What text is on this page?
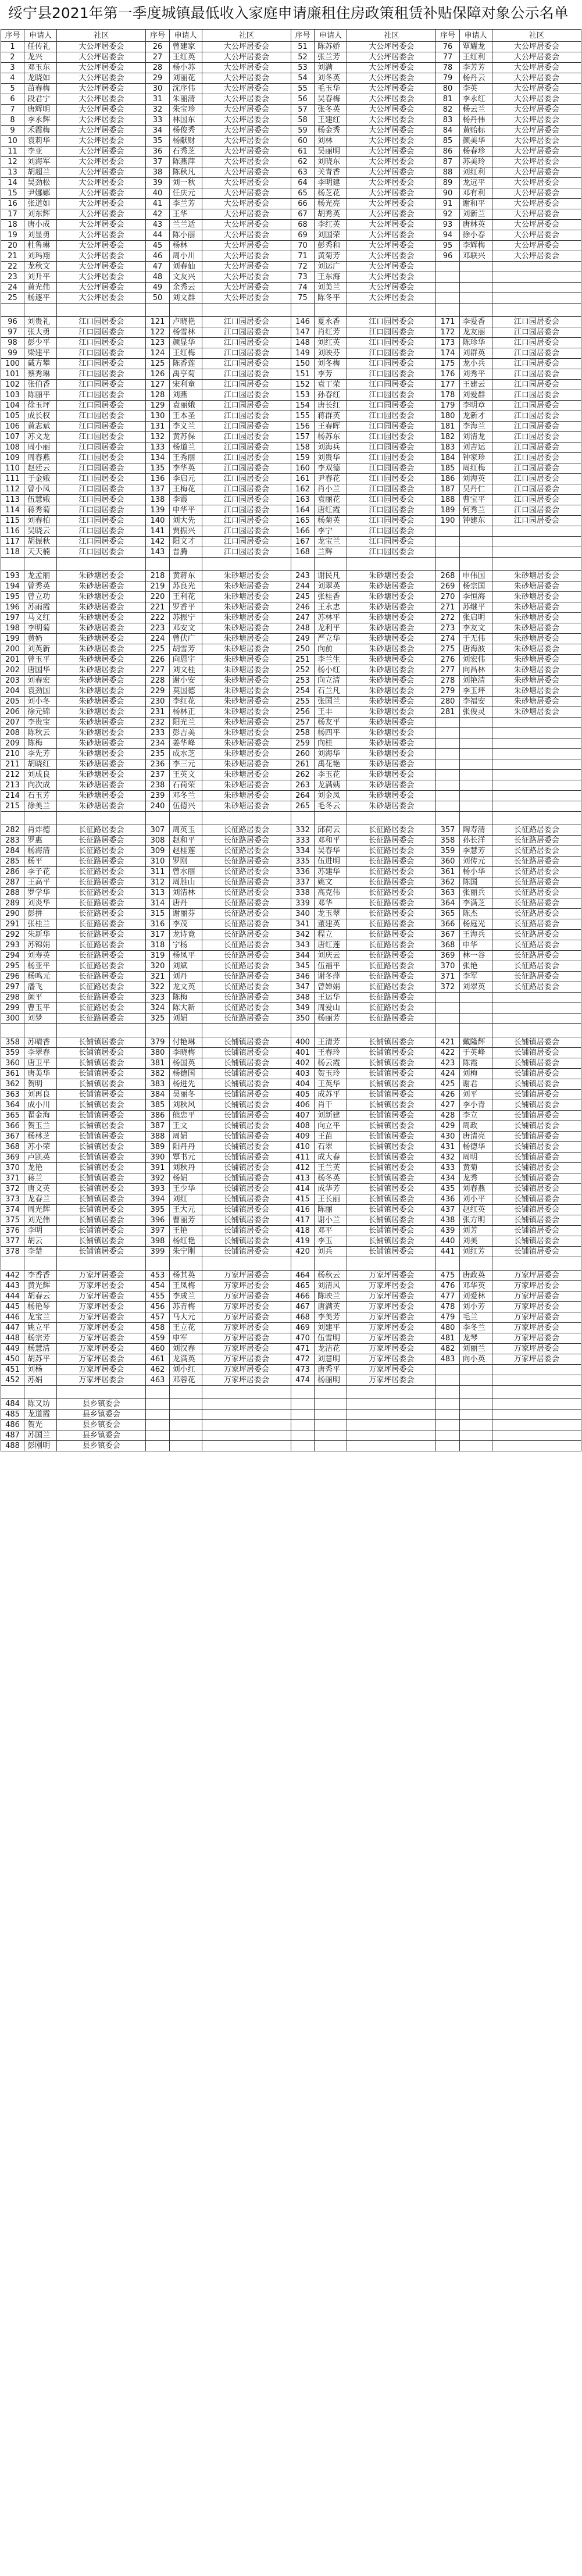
绥宁县2021年第一季度城镇最低收入家庭申请廉租住房政策租赁补贴保障对象公示名单
序号	申请人	社区	序号	申请人	社区	序号	申请人	社区	序号	申请人	社区
1	任传礼	大公坪居委会	26	曾建家	大公坪居委会	51	陈苏娇	大公坪居委会	76	覃耀龙	大公坪居委会
2	龙兴	大公坪居委会	27	王红英	大公坪居委会	52	张兰芳	大公坪居委会	77	王红利	大公坪居委会
3	邓玉东	大公坪居委会	28	杨小苏	大公坪居委会	53	刘满	大公坪居委会	78	李芳芳	大公坪居委会
4	龙晓如	大公坪居委会	29	刘丽花	大公坪居委会	54	刘冬英	大公坪居委会	79	杨丹云	大公坪居委会
5	苗春梅	大公坪居委会	30	沈序伟	大公坪居委会	55	毛玉华	大公坪居委会	80	李英	大公坪居委会
6	段君宁	大公坪居委会	31	朱丽清	大公坪居委会	56	吴春梅	大公坪居委会	81	李永红	大公坪居委会
7	唐辉明	大公坪居委会	32	朱宝珍	大公坪居委会	57	张冬英	大公坪居委会	82	杨云兰	大公坪居委会
8	李永辉	大公坪居委会	33	林国东	大公坪居委会	58	王建红	大公坪居委会	83	杨丹伟	大公坪居委会
9	禾霞梅	大公坪居委会	34	杨俊秀	大公坪居委会	59	杨金秀	大公坪居委会	84	黄贻标	大公坪居委会
10	袁莉华	大公坪居委会	35	杨献财	大公坪居委会	60	刘林	大公坪居委会	85	颜美华	大公坪居委会
11	李亚	大公坪居委会	36	石秀芝	大公坪居委会	61	吴丽明	大公坪居委会	86	杨春珍	大公坪居委会
12	刘海军	大公坪居委会	37	陈燕萍	大公坪居委会	62	刘晓东	大公坪居委会	87	苏美玲	大公坪居委会
13	胡超兰	大公坪居委会	38	陈秋凡	大公坪居委会	63	关青香	大公坪居委会	88	刘红利	大公坪居委会
14	吴劲松	大公坪居委会	39	刘一秋	大公坪居委会	64	李明建	大公坪居委会	89	龙远平	大公坪居委会
15	尹娜娜	大公坪居委会	40	任庆元	大公坪居委会	65	杨芝花	大公坪居委会	90	邓有利	大公坪居委会
16	张道如	大公坪居委会	41	李兰芳	大公坪居委会	66	杨光亮	大公坪居委会	91	谢和平	大公坪居委会
17	刘东辉	大公坪居委会	42	王华	大公坪居委会	67	胡秀英	大公坪居委会	92	刘新兰	大公坪居委会
18	唐小成	大公坪居委会	43	兰兰适	大公坪居委会	68	李红英	大公坪居委会	93	唐林英	大公坪居委会
19	刘显勇	大公坪居委会	44	陈小丽	大公坪居委会	69	刘国荣	大公坪居委会	94	徐小春	大公坪居委会
20	杜鲁琳	大公坪居委会	45	杨林	大公坪居委会	70	彭秀和	大公坪居委会	95	李辉梅	大公坪居委会
21	刘玛翔	大公坪居委会	46	周小川	大公坪居委会	71	黄菊芳	大公坪居委会	96	邓联兴	大公坪居委会
22	龙秋文	大公坪居委会	47	刘春仙	大公坪居委会	72	刘运广	大公坪居委会			
23	刘升平	大公坪居委会	48	文友兴	大公坪居委会	73	王东海	大公坪居委会			
24	黄光伟	大公坪居委会	49	余秀云	大公坪居委会	74	刘美兰	大公坪居委会			
25	杨逐平	大公坪居委会	50	刘文群	大公坪居委会	75	陈冬平	大公坪居委会			

96	刘贵礼	江口园居委会	121	卢晓艳	江口园居委会	146	夏永香	江口园居委会	171	李爱香	江口园居委会
97	张大勇	江口园居委会	122	杨雪林	江口园居委会	147	肖红芳	江口园居委会	172	龙友丽	江口园居委会
98	彭少平	江口园居委会	123	颜显华	江口园居委会	148	刘红英	江口园居委会	173	陈珍华	江口园居委会
99	梁建平	江口园居委会	124	王红梅	江口园居委会	149	刘映芬	江口园居委会	174	刘群英	江口园居委会
100	戴方攀	江口园居委会	125	陈香莲	江口园居委会	150	刘冬梅	江口园居委会	175	龙小兵	江口园居委会
101	蔡秀琳	江口园居委会	126	禹亨菊	江口园居委会	151	李芳	江口园居委会	176	刘秀平	江口园居委会
102	张伯香	江口园居委会	127	宋利童	江口园居委会	152	袁丁荣	江口园居委会	177	王建云	江口园居委会
103	陈丽平	江口园居委会	128	刘燕	江口园居委会	153	孙春红	江口园居委会	178	刘爱群	江口园居委会
104	徐玉坪	江口园居委会	129	袁丽娥	江口园居委会	154	唐长红	江口园居委会	179	李明章	江口园居委会
105	成长权	江口园居委会	130	王本圣	江口园居委会	155	蒋群英	江口园居委会	180	龙新才	江口园居委会
106	黄志斌	江口园居委会	131	李义兰	江口园居委会	156	王春晖	江口园居委会	181	李海兰	江口园居委会
107	苏文龙	江口园居委会	132	黄苏保	江口园居委会	157	杨苏东	江口园居委会	182	刘清龙	江口园居委会
108	周小丽	江口园居委会	133	杨道兰	江口园居委会	158	刘海兵	江口园居委会	183	刘吉运	江口园居委会
109	周春燕	江口园居委会	134	王秀丽	江口园居委会	159	刘贵华	江口园居委会	184	钟家珍	江口园居委会
110	赵廷云	江口园居委会	135	李华英	江口园居委会	160	李双德	江口园居委会	185	周红梅	江口园居委会
111	于金娥	江口园居委会	136	李启元	江口园居委会	161	尹春花	江口园居委会	186	刘海英	江口园居委会
112	曾小凤	江口园居委会	137	王梅花	江口园居委会	162	肖小兰	江口园居委会	187	吴丹仁	江口园居委会
113	伍慧娥	江口园居委会	138	李霞	江口园居委会	163	袁丽花	江口园居委会	188	曹宝平	江口园居委会
114	蒋秀菊	江口园居委会	139	申华平	江口园居委会	164	唐红霞	江口园居委会	189	何秀兰	江口园居委会
115	刘春柏	江口园居委会	140	刘大先	江口园居委会	165	杨菊英	江口园居委会	190	钟建东	江口园居委会
116	吴晓云	江口园居委会	141	贾振兴	江口园居委会	166	李宁	江口园居委会			
117	胡振秋	江口园居委会	142	阳文才	江口园居委会	167	龙宝兰	江口园居委会			
118	天天楠	江口园居委会	143	普腾	江口园居委会	168	兰辉	江口园居委会			

193	龙孟丽	朱砂塘居委会	218	黄蒋东	朱砂塘居委会	243	谢民凡	朱砂塘居委会	268	申伟国	朱砂塘居委会
194	曾秀英	朱砂塘居委会	219	苏良光	朱砂塘居委会	244	刘翠英	朱砂塘居委会	269	杨宗国	朱砂塘居委会
195	曾立功	朱砂塘居委会	220	王利花	朱砂塘居委会	245	张桂香	朱砂塘居委会	270	李恒海	朱砂塘居委会
196	苏雨霞	朱砂塘居委会	221	罗香平	朱砂塘居委会	246	王永忠	朱砂塘居委会	271	苏继平	朱砂塘居委会
197	马文红	朱砂塘居委会	222	苏振宁	朱砂塘居委会	247	苏林平	朱砂塘居委会	272	张启明	朱砂塘居委会
198	李明菊	朱砂塘居委会	223	邓安文	朱砂塘居委会	248	龙利平	朱砂塘居委会	273	李友文	朱砂塘居委会
199	黄奶	朱砂塘居委会	224	曾伏广	朱砂塘居委会	249	严立华	朱砂塘居委会	274	于无伟	朱砂塘居委会
200	刘英新	朱砂塘居委会	225	胡雪芳	朱砂塘居委会	250	向前	朱砂塘居委会	275	唐海波	朱砂塘居委会
201	曾玉平	朱砂塘居委会	226	向恩宇	朱砂塘居委会	251	李兰生	朱砂塘居委会	276	刘宏伟	朱砂塘居委会
202	唐国华	朱砂塘居委会	227	刘文桂	朱砂塘居委会	252	杨小红	朱砂塘居委会	277	向昌林	朱砂塘居委会
203	刘春宏	朱砂塘居委会	228	谢小安	朱砂塘居委会	253	向立清	朱砂塘居委会	278	刘艳清	朱砂塘居委会
204	袁劲国	朱砂塘居委会	229	莫国德	朱砂塘居委会	254	石兰凡	朱砂塘居委会	279	李玉坪	朱砂塘居委会
205	刘小冬	朱砂塘居委会	230	李红花	朱砂塘居委会	255	张国兰	朱砂塘居委会	280	李福安	朱砂塘居委会
206	徐元锦	朱砂塘居委会	231	杨林正	朱砂塘居委会	256	王丰	朱砂塘居委会	281	张俊灵	朱砂塘居委会
207	李贵宝	朱砂塘居委会	232	阳光兰	朱砂塘居委会	257	杨友平	朱砂塘居委会			
208	陈秋云	朱砂塘居委会	233	彭吉美	朱砂塘居委会	258	杨四平	朱砂塘居委会			
209	陈梅	朱砂塘居委会	234	姜华峰	朱砂塘居委会	259	向桂	朱砂塘居委会			
210	李先芳	朱砂塘居委会	235	成水芝	朱砂塘居委会	260	刘海华	朱砂塘居委会			
211	胡晓红	朱砂塘居委会	236	李三元	朱砂塘居委会	261	禹花艳	朱砂塘居委会			
212	刘成良	朱砂塘居委会	237	王英文	朱砂塘居委会	262	李玉花	朱砂塘居委会			
213	向次成	朱砂塘居委会	238	石荷荣	朱砂塘居委会	263	龙满姨	朱砂塘居委会			
214	石玉芳	朱砂塘居委会	239	邓冬兰	朱砂塘居委会	264	刘金凤	朱砂塘居委会			
215	徐美兰	朱砂塘居委会	240	伍德兴	朱砂塘居委会	265	毛冬云	朱砂塘居委会			

282	肖炸德	长征路居委会	307	周英玉	长征路居委会	332	邱荷云	长征路居委会	357	陶寿清	长征路居委会
283	罗惠	长征路居委会	308	赵和平	长征路居委会	333	邓和平	长征路居委会	358	孙长洋	长征路居委会
284	杨海清	长征路居委会	309	赵桂莲	长征路居委会	334	吴春华	长征路居委会	359	李慧芳	长征路居委会
285	杨平	长征路居委会	310	罗刚	长征路居委会	335	伍进明	长征路居委会	360	刘传元	长征路居委会
286	李子花	长征路居委会	311	曾水丽	长征路居委会	336	苏建华	长征路居委会	361	杨小华	长征路居委会
287	王高平	长征路居委会	312	周胜山	长征路居委会	337	姚文	长征路居委会	362	陈国	长征路居委会
288	罗学华	长征路居委会	313	刘清林	长征路居委会	338	高克伟	长征路居委会	363	张丽兵	长征路居委会
289	刘炎华	长征路居委会	314	唐丹	长征路居委会	339	邓华	长征路居委会	364	李满芝	长征路居委会
290	彭拼	长征路居委会	315	谢丽芬	长征路居委会	340	龙玉翠	长征路居委会	365	陈杰	长征路居委会
291	张桂兰	长征路居委会	316	李茂	长征路居委会	341	董建英	长征路居委会	366	杨庭光	长征路居委会
292	朱新华	长征路居委会	317	龙诗竟	长征路居委会	342	程立	长征路居委会	367	王海兵	长征路居委会
293	苏锦娟	长征路居委会	318	宁杨	长征路居委会	343	唐红莲	长征路居委会	368	申华	长征路居委会
294	刘寿英	长征路居委会	319	杨凤平	长征路居委会	344	刘庆云	长征路居委会	369	林一谷	长征路居委会
295	杨亚平	长征路居委会	320	刘斌	长征路居委会	345	伍福平	长征路居委会	370	张艳	长征路居委会
296	杨鸣元	长征路居委会	321	刘丹	长征路居委会	346	谢冬萍	长征路居委会	371	李军	长征路居委会
297	潘飞	长征路居委会	322	龙文英	长征路居委会	347	曾婵娟	长征路居委会	372	刘翠英	长征路居委会
298	颜平	长征路居委会	323	陈梅	长征路居委会	348	王运华	长征路居委会			
299	曹玉平	长征路居委会	324	陈大新	长征路居委会	349	周爱山	长征路居委会			
300	刘梦	长征路居委会	325	刘娟	长征路居委会	350	杨丽芳	长征路居委会			

358	苏晴香	长铺镇居委会	379	付艳琳	长铺镇居委会	400	王清芳	长铺镇居委会	421	戴隆辉	长铺镇居委会
359	李翠春	长铺镇居委会	380	李晓梅	长铺镇居委会	401	王春玲	长铺镇居委会	422	于英峰	长铺镇居委会
360	唐卫平	长铺镇居委会	381	杨国英	长铺镇居委会	402	杨云霞	长铺镇居委会	423	陈霞	长铺镇居委会
361	唐美华	长铺镇居委会	382	杨德国	长铺镇居委会	403	贺玉玲	长铺镇居委会	424	刘梅	长铺镇居委会
362	贺明	长铺镇居委会	383	杨进先	长铺镇居委会	404	王英华	长铺镇居委会	425	谢君	长铺镇居委会
363	刘再良	长铺镇居委会	384	吴丽冬	长铺镇居委会	405	成苏平	长铺镇居委会	426	刘平	长铺镇居委会
364	成小川	长铺镇居委会	385	刘秋风	长铺镇居委会	406	肖干	长铺镇居委会	427	李小青	长铺镇居委会
365	翟金海	长铺镇居委会	386	熊忠平	长铺镇居委会	407	刘新建	长铺镇居委会	428	李立	长铺镇居委会
366	贺玉兰	长铺镇居委会	387	王文	长铺镇居委会	408	向立平	长铺镇居委会	429	周政	长铺镇居委会
367	杨林芝	长铺镇居委会	388	周娟	长铺镇居委会	409	王苗	长铺镇居委会	430	唐清亮	长铺镇居委会
368	苏小荣	长铺镇居委会	389	阳丹丹	长铺镇居委会	410	石翠	长铺镇居委会	431	杨德华	长铺镇居委会
369	卢凯英	长铺镇居委会	390	覃书元	长铺镇居委会	411	成大春	长铺镇居委会	432	周明	长铺镇居委会
370	龙艳	长铺镇居委会	391	刘秋丹	长铺镇居委会	412	王兰英	长铺镇居委会	433	黄菊	长铺镇居委会
371	蒋兰	长铺镇居委会	392	杨娟	长铺镇居委会	413	杨冬英	长铺镇居委会	434	龙秀	长铺镇居委会
372	唐文英	长铺镇居委会	393	王少华	长铺镇居委会	414	成华芳	长铺镇居委会	435	刘春燕	长铺镇居委会
373	龙春兰	长铺镇居委会	394	刘红	长铺镇居委会	415	王长丽	长铺镇居委会	436	刘小平	长铺镇居委会
374	周光辉	长铺镇居委会	395	王大元	长铺镇居委会	416	陈丽	长铺镇居委会	437	赵红英	长铺镇居委会
375	刘光伟	长铺镇居委会	396	曹丽芳	长铺镇居委会	417	谢小兰	长铺镇居委会	438	张方明	长铺镇居委会
376	李明	长铺镇居委会	397	王艳	长铺镇居委会	418	邓平	长铺镇居委会	439	刘芳	长铺镇居委会
377	胡云	长铺镇居委会	398	杨红艳	长铺镇居委会	419	李玉	长铺镇居委会	440	刘美	长铺镇居委会
378	李楚	长铺镇居委会	399	朱宁刚	长铺镇居委会	420	刘兵	长铺镇居委会	441	刘红芳	长铺镇居委会

442	李香香	万家坪居委会	453	杨其英	万家坪居委会	464	杨秋云	万家坪居委会	475	唐政英	万家坪居委会
443	黄光辉	万家坪居委会	454	王凤梅	万家坪居委会	465	刘清风	万家坪居委会	476	邓华英	万家坪居委会
444	胡春云	万家坪居委会	455	李成兰	万家坪居委会	466	陈映兰	万家坪居委会	477	刘爱林	万家坪居委会
445	杨艳琴	万家坪居委会	456	苏青梅	万家坪居委会	467	唐满英	万家坪居委会	478	刘小芳	万家坪居委会
446	龙宝兰	万家坪居委会	457	马大元	万家坪居委会	468	李美芳	万家坪居委会	479	毛兰	万家坪居委会
447	姚立平	万家坪居委会	458	王立花	万家坪居委会	469	刘建平	万家坪居委会	480	李冬兰	万家坪居委会
448	杨宗芳	万家坪居委会	459	申军	万家坪居委会	470	伍雪明	万家坪居委会	481	龙琴	万家坪居委会
449	杨慧清	万家坪居委会	460	刘汉春	万家坪居委会	471	龙洁花	万家坪居委会	482	刘丽兰	万家坪居委会
450	胡苏平	万家坪居委会	461	龙满英	万家坪居委会	472	刘慧明	万家坪居委会	483	向小英	万家坪居委会
451	刘杨	万家坪居委会	462	刘小红	万家坪居委会	473	唐秀平	万家坪居委会			
452	苏娟	万家坪居委会	463	邓蓉花	万家坪居委会	474	杨丽明	万家坪居委会			

484	陈又坊	县乡镇委会									
485	龙道霞	县乡镇委会									
486	贺光	县乡镇委会									
487	苏国兰	县乡镇委会									
488	彭刚明	县乡镇委会									
